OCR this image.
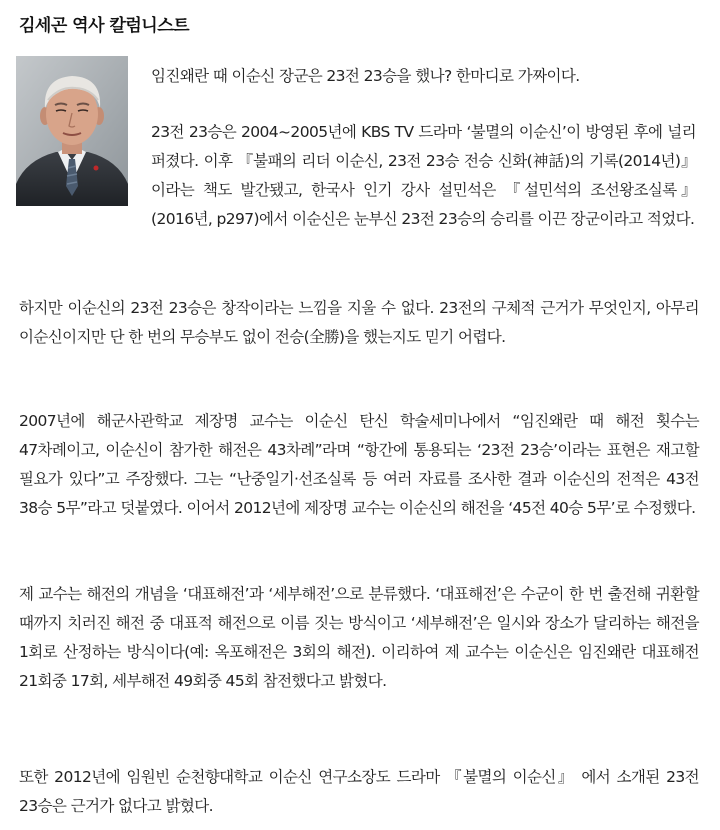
김세곤 역사 칼럼니스트

임진왜란 때 이순신 장군은 23전 23승을 했나? 한마디로 가짜이다.

23전 23승은 2004~2005년에 KBS TV 드라마 ‘불멸의 이순신’이 방영된 후에 널리 퍼졌다. 이후 『불패의 리더 이순신, 23전 23승 전승 신화(神話)의 기록(2014년)』이라는 책도 발간됐고, 한국사 인기 강사 설민석은 『설민석의 조선왕조실록』(2016년, p297)에서 이순신은 눈부신 23전 23승의 승리를 이끈 장군이라고 적었다.

하지만 이순신의 23전 23승은 창작이라는 느낌을 지울 수 없다. 23전의 구체적 근거가 무엇인지, 아무리 이순신이지만 단 한 번의 무승부도 없이 전승(全勝)을 했는지도 믿기 어렵다.

2007년에 해군사관학교 제장명 교수는 이순신 탄신 학술세미나에서 “임진왜란 때 해전 횟수는 47차례이고, 이순신이 참가한 해전은 43차례”라며 “항간에 통용되는 ‘23전 23승’이라는 표현은 재고할 필요가 있다”고 주장했다. 그는 “난중일기·선조실록 등 여러 자료를 조사한 결과 이순신의 전적은 43전 38승 5무”라고 덧붙였다. 이어서 2012년에 제장명 교수는 이순신의 해전을 ‘45전 40승 5무’로 수정했다.

제 교수는 해전의 개념을 ‘대표해전’과 ‘세부해전’으로 분류했다. ‘대표해전’은 수군이 한 번 출전해 귀환할 때까지 치러진 해전 중 대표적 해전으로 이름 짓는 방식이고 ‘세부해전’은 일시와 장소가 달리하는 해전을 1회로 산정하는 방식이다(예: 옥포해전은 3회의 해전). 이리하여 제 교수는 이순신은 임진왜란 대표해전 21회중 17회, 세부해전 49회중 45회 참전했다고 밝혔다.

또한 2012년에 임원빈 순천향대학교 이순신 연구소장도 드라마 『불멸의 이순신』 에서 소개된 23전 23승은 근거가 없다고 밝혔다.
